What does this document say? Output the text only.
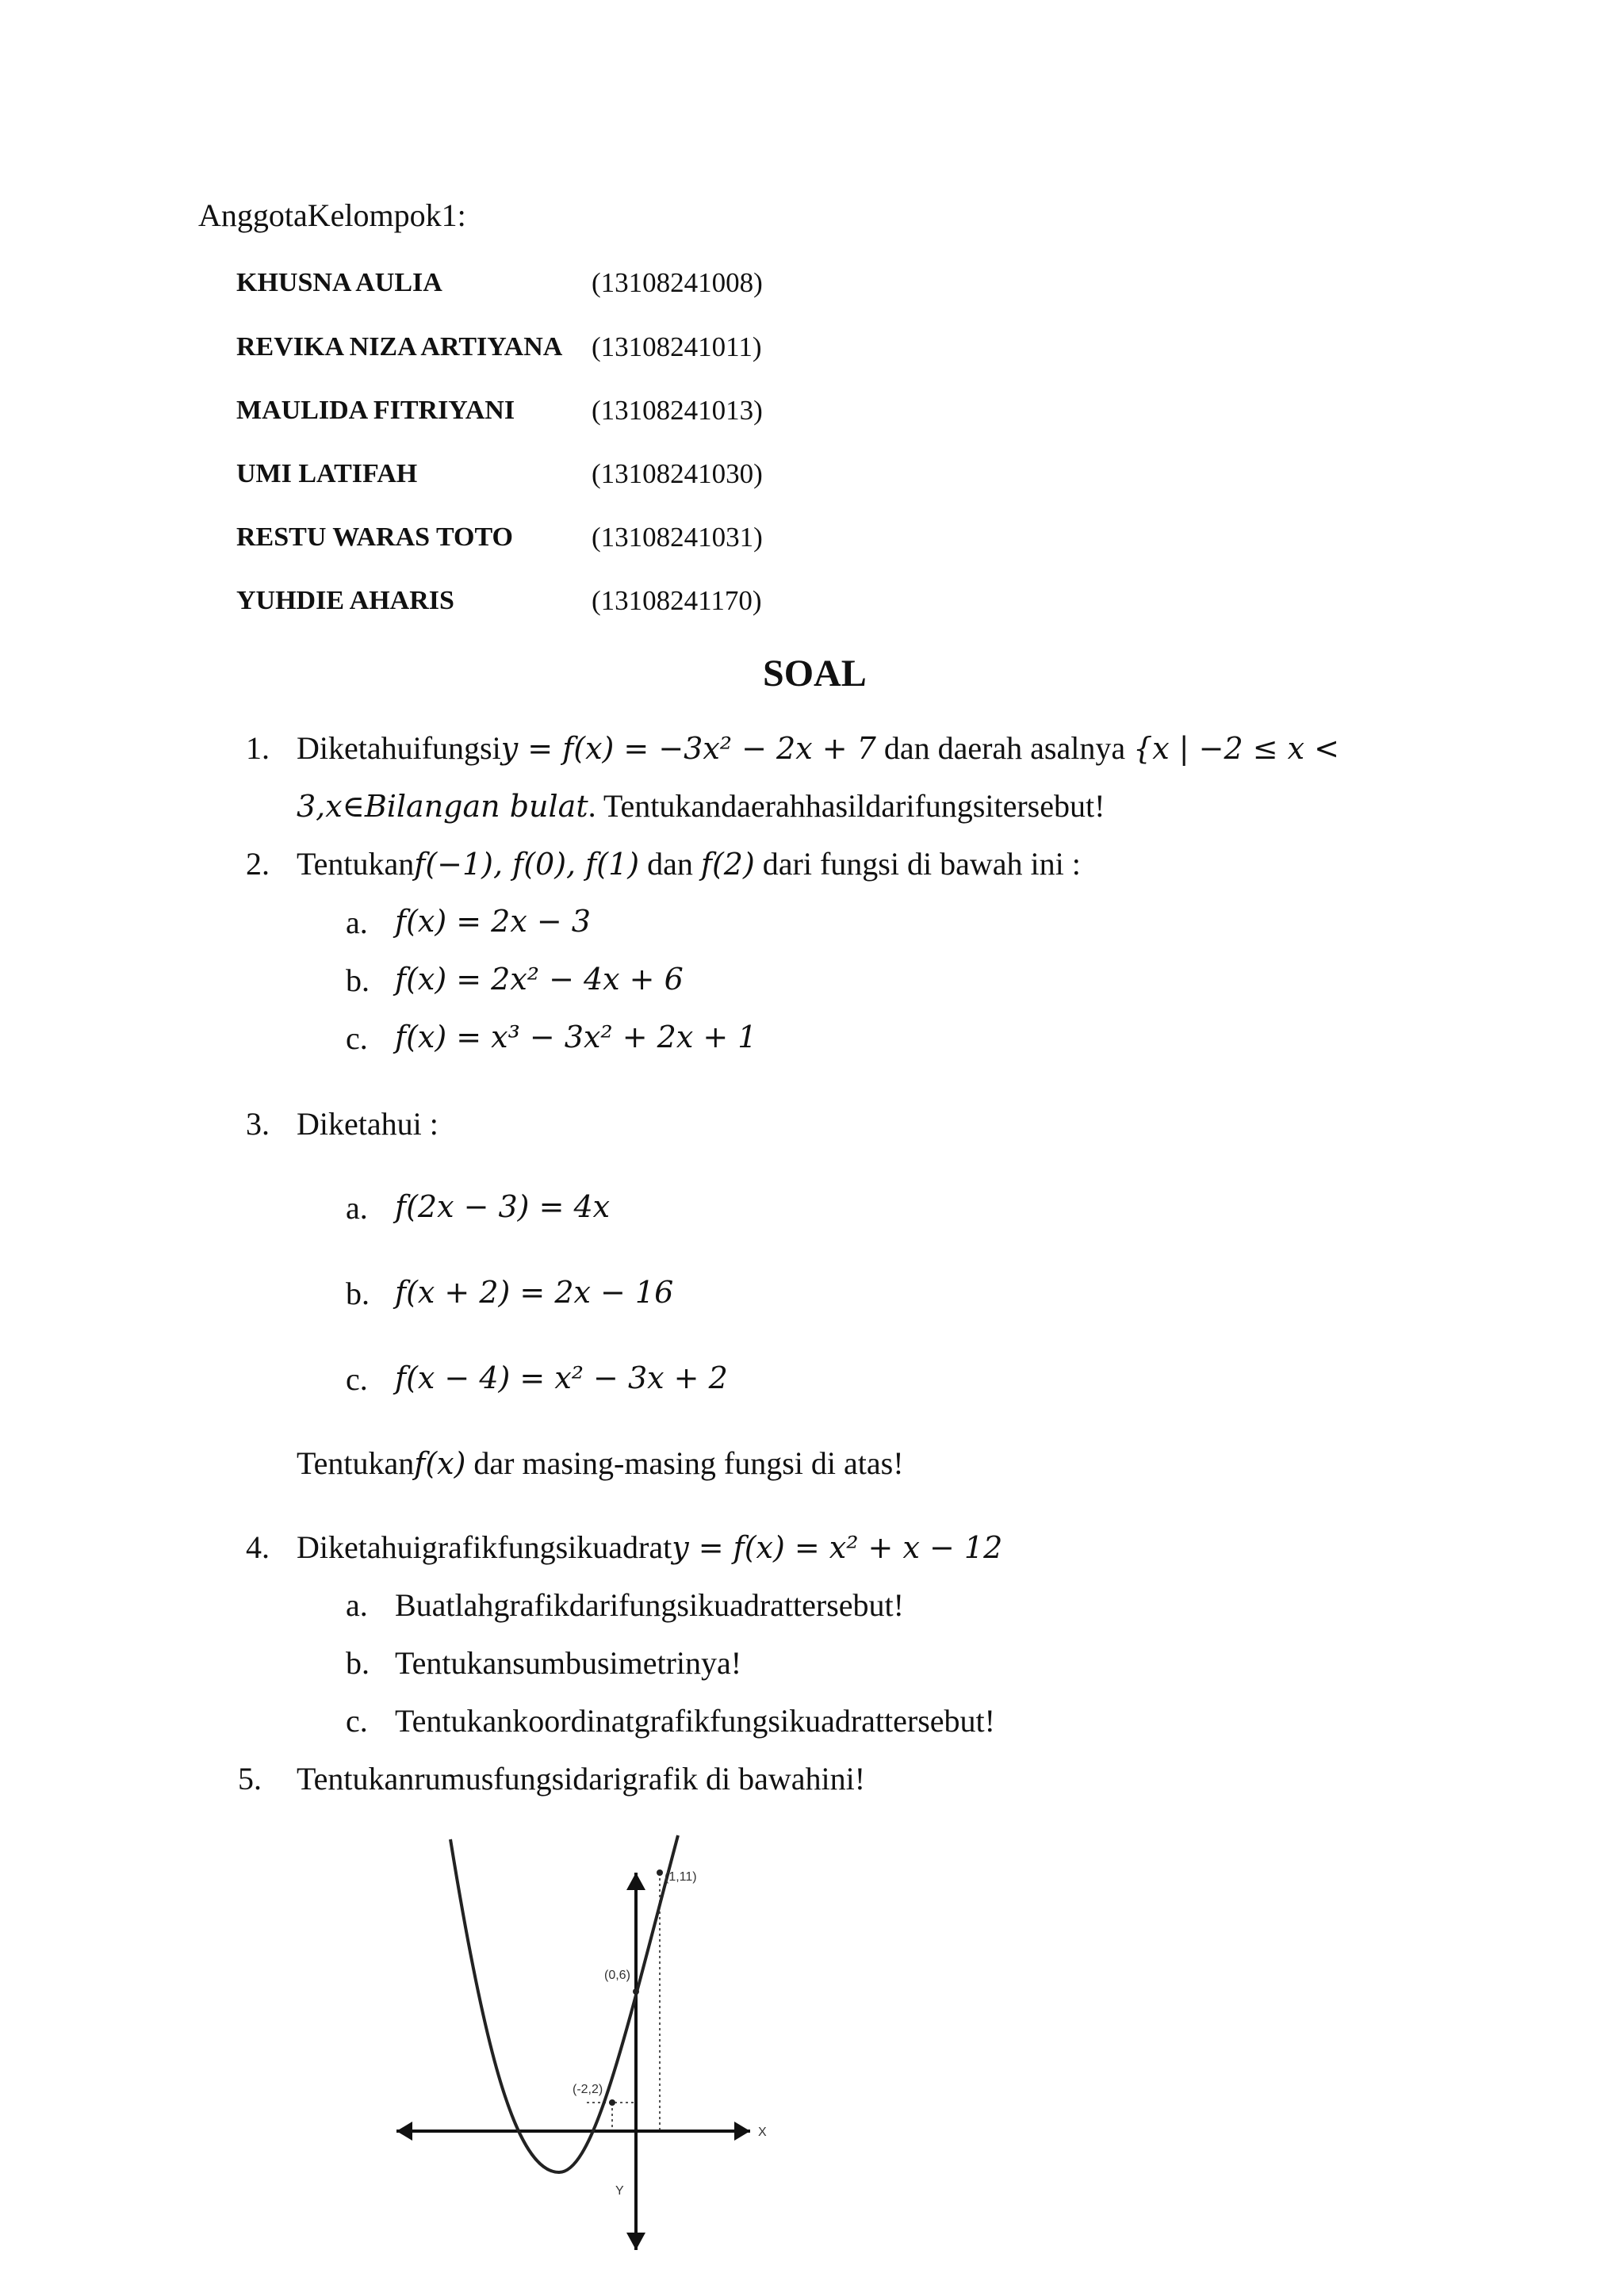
AnggotaKelompok1:
KHUSNA AULIA	(13108241008)
REVIKA NIZA ARTIYANA (13108241011)
MAULIDA FITRIYANI	(13108241013)
UMI LATIFAH	(13108241030)
RESTU WARAS TOTO	(13108241031)
YUHDIE AHARIS	(13108241170)
SOAL
1. Diketahuifungsiy = f(x) = −3x² − 2x + 7 dan daerah asalnya {x | −2 ≤ x <
3,x∈Bilangan bulat. Tentukandaerahhasildarifungsitersebut!
2. Tentukanf(−1), f(0), f(1) dan f(2) dari fungsi di bawah ini :
a. f(x) = 2x − 3
b. f(x) = 2x² − 4x + 6
c. f(x) = x³ − 3x² + 2x + 1
3. Diketahui :
a. f(2x − 3) = 4x
b. f(x + 2) = 2x − 16
c. f(x − 4) = x² − 3x + 2
Tentukanf(x) dar masing-masing fungsi di atas!
4. Diketahuigrafikfungsikuadraty = f(x) = x² + x − 12
a. Buatlahgrafikdarifungsikuadrattersebut!
b. Tentukansumbusimetrinya!
c. Tentukankoordinatgrafikfungsikuadrattersebut!
5. Tentukanrumusfungsidarigrafik di bawahini!
(1,11)
(0,6)
(-2,2)
X
Y
